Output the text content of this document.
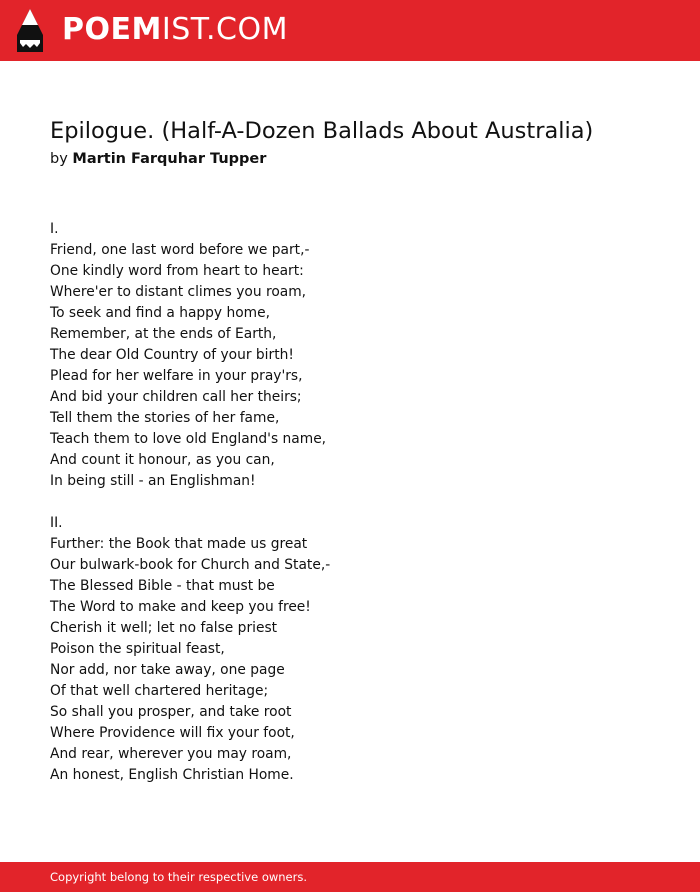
POEMIST.COM
Epilogue. (Half-A-Dozen Ballads About Australia)
by Martin Farquhar Tupper
I.
Friend, one last word before we part,-
One kindly word from heart to heart:
Where'er to distant climes you roam,
To seek and find a happy home,
Remember, at the ends of Earth,
The dear Old Country of your birth!
Plead for her welfare in your pray'rs,
And bid your children call her theirs;
Tell them the stories of her fame,
Teach them to love old England's name,
And count it honour, as you can,
In being still - an Englishman!
II.
Further: the Book that made us great
Our bulwark-book for Church and State,-
The Blessed Bible - that must be
The Word to make and keep you free!
Cherish it well; let no false priest
Poison the spiritual feast,
Nor add, nor take away, one page
Of that well chartered heritage;
So shall you prosper, and take root
Where Providence will fix your foot,
And rear, wherever you may roam,
An honest, English Christian Home.
Copyright belong to their respective owners.
